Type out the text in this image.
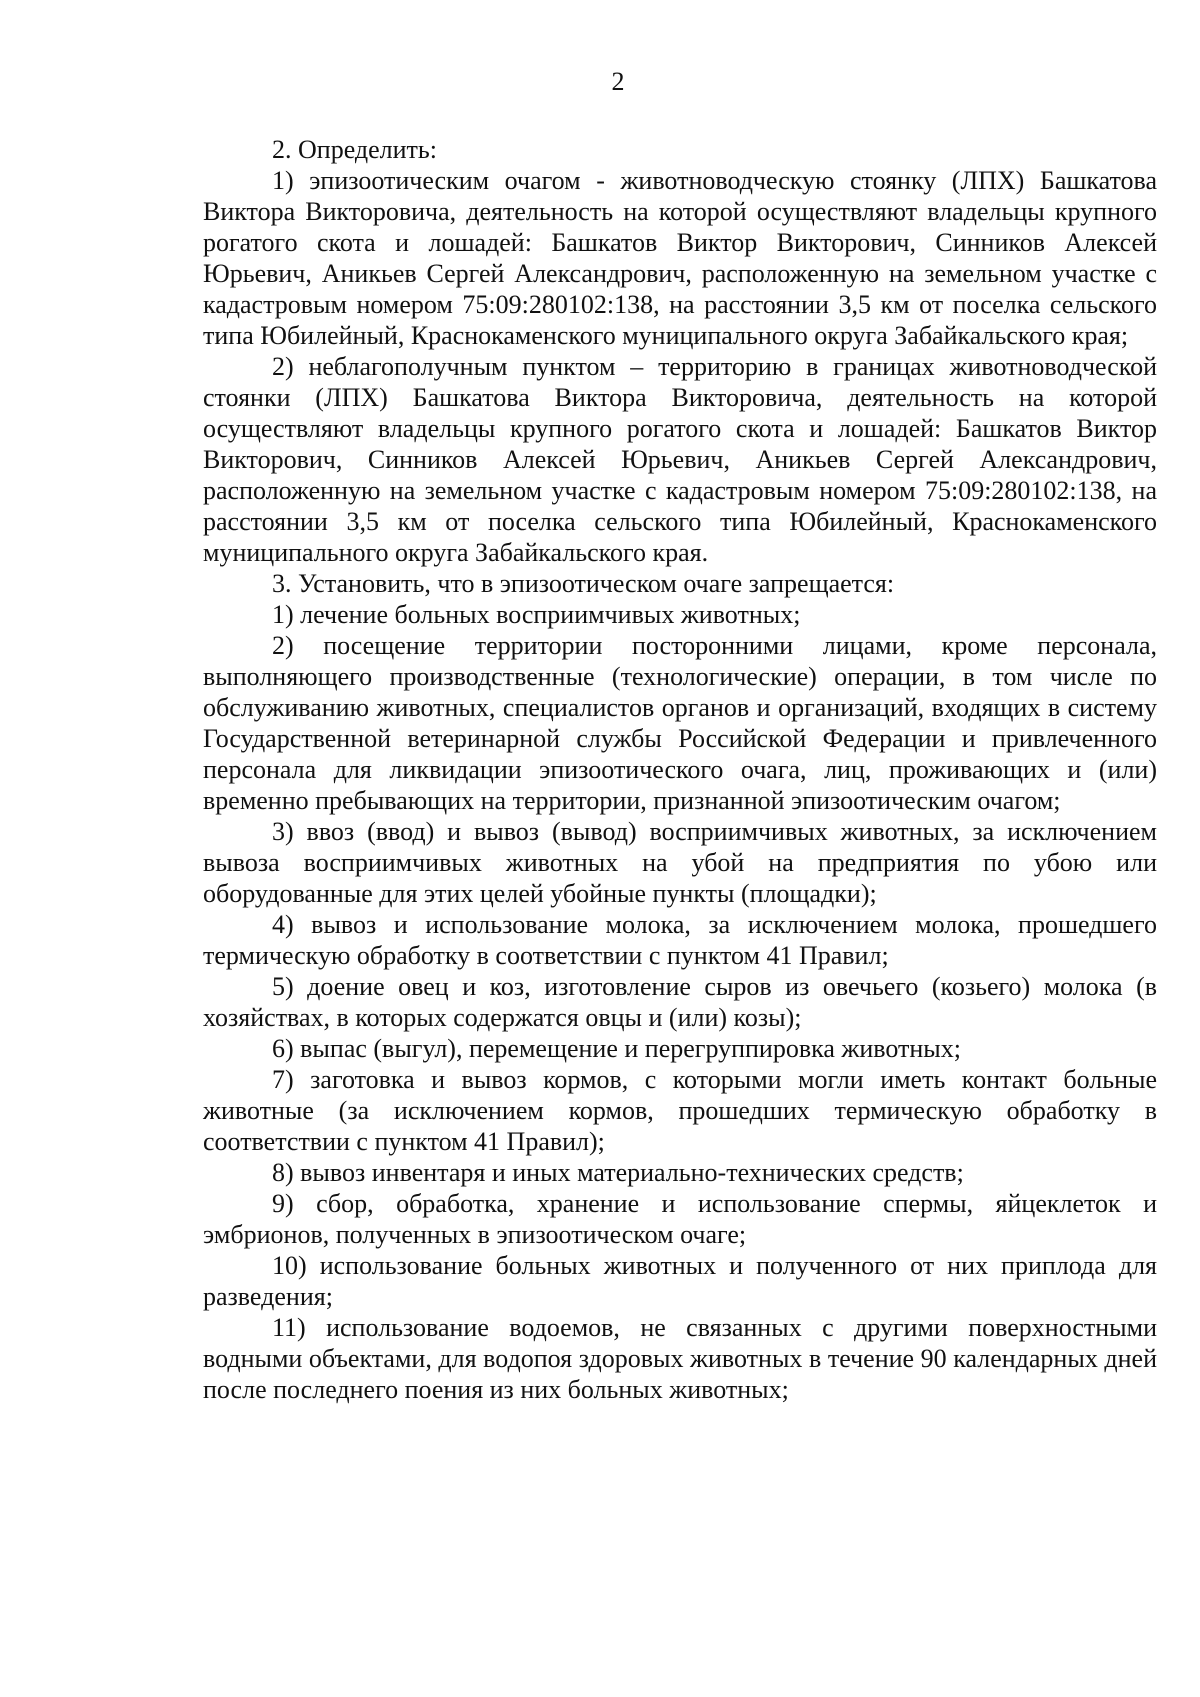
2

2. Определить:

1) эпизоотическим очагом - животноводческую стоянку (ЛПХ) Башкатова Виктора Викторовича, деятельность на которой осуществляют владельцы крупного рогатого скота и лошадей: Башкатов Виктор Викторович, Синников Алексей Юрьевич, Аникьев Сергей Александрович, расположенную на земельном участке с кадастровым номером 75:09:280102:138, на расстоянии 3,5 км от поселка сельского типа Юбилейный, Краснокаменского муниципального округа Забайкальского края;

2) неблагополучным пунктом – территорию в границах животноводческой стоянки (ЛПХ) Башкатова Виктора Викторовича, деятельность на которой осуществляют владельцы крупного рогатого скота и лошадей: Башкатов Виктор Викторович, Синников Алексей Юрьевич, Аникьев Сергей Александрович, расположенную на земельном участке с кадастровым номером 75:09:280102:138, на расстоянии 3,5 км от поселка сельского типа Юбилейный, Краснокаменского муниципального округа Забайкальского края.

3. Установить, что в эпизоотическом очаге запрещается:

1) лечение больных восприимчивых животных;

2) посещение территории посторонними лицами, кроме персонала, выполняющего производственные (технологические) операции, в том числе по обслуживанию животных, специалистов органов и организаций, входящих в систему Государственной ветеринарной службы Российской Федерации и привлеченного персонала для ликвидации эпизоотического очага, лиц, проживающих и (или) временно пребывающих на территории, признанной эпизоотическим очагом;

3) ввоз (ввод) и вывоз (вывод) восприимчивых животных, за исключением вывоза восприимчивых животных на убой на предприятия по убою или оборудованные для этих целей убойные пункты (площадки);

4) вывоз и использование молока, за исключением молока, прошедшего термическую обработку в соответствии с пунктом 41 Правил;

5) доение овец и коз, изготовление сыров из овечьего (козьего) молока (в хозяйствах, в которых содержатся овцы и (или) козы);

6) выпас (выгул), перемещение и перегруппировка животных;

7) заготовка и вывоз кормов, с которыми могли иметь контакт больные животные (за исключением кормов, прошедших термическую обработку в соответствии с пунктом 41 Правил);

8) вывоз инвентаря и иных материально-технических средств;

9) сбор, обработка, хранение и использование спермы, яйцеклеток и эмбрионов, полученных в эпизоотическом очаге;

10) использование больных животных и полученного от них приплода для разведения;

11) использование водоемов, не связанных с другими поверхностными водными объектами, для водопоя здоровых животных в течение 90 календарных дней после последнего поения из них больных животных;
